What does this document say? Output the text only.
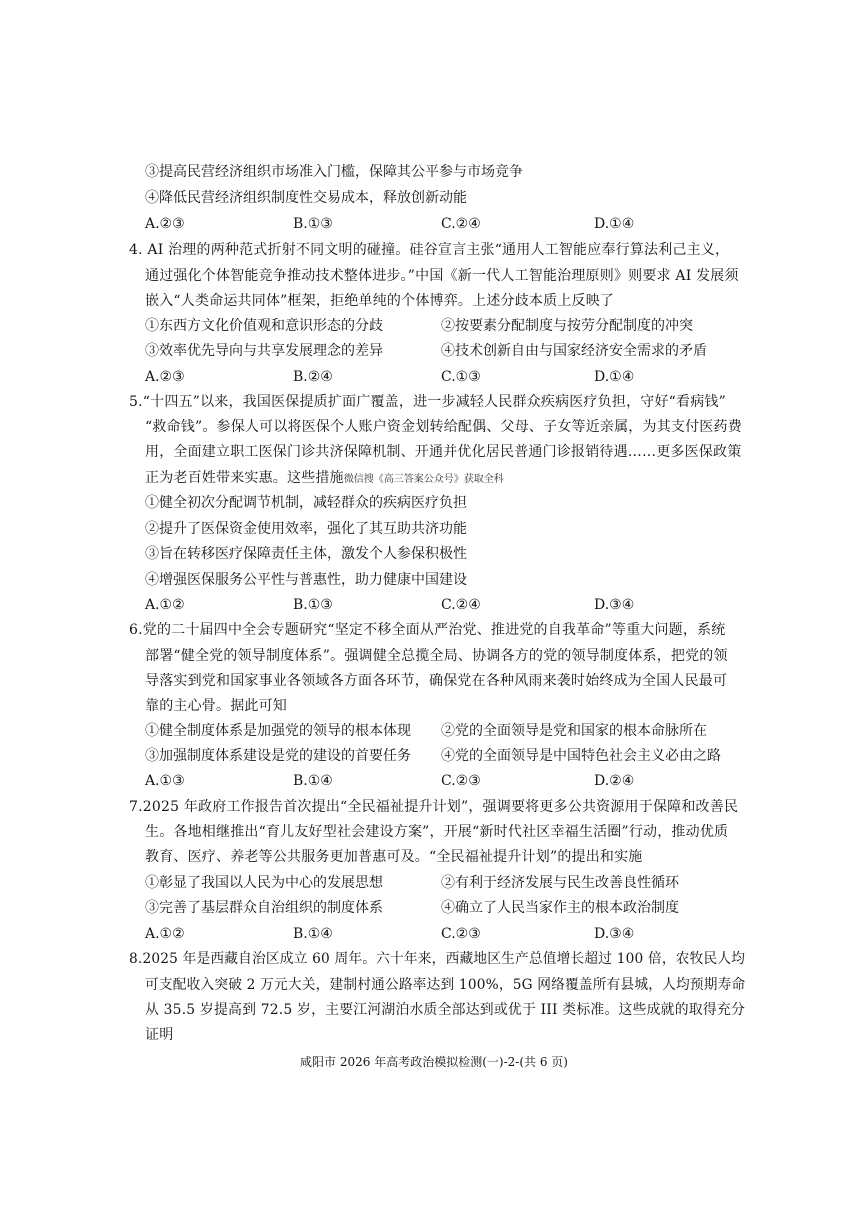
③提高民营经济组织市场准入门槛，保障其公平参与市场竞争
④降低民营经济组织制度性交易成本，释放创新动能
A.②③	B.①③	C.②④	D.①④
4. AI 治理的两种范式折射不同文明的碰撞。硅谷宣言主张“通用人工智能应奉行算法利己主义，
通过强化个体智能竞争推动技术整体进步。”中国《新一代人工智能治理原则》则要求 AI 发展须
嵌入“人类命运共同体”框架，拒绝单纯的个体博弈。上述分歧本质上反映了
①东西方文化价值观和意识形态的分歧	②按要素分配制度与按劳分配制度的冲突
③效率优先导向与共享发展理念的差异	④技术创新自由与国家经济安全需求的矛盾
A.②③	B.②④	C.①③	D.①④
5.“十四五”以来，我国医保提质扩面广覆盖，进一步减轻人民群众疾病医疗负担，守好“看病钱”
“救命钱”。参保人可以将医保个人账户资金划转给配偶、父母、子女等近亲属，为其支付医药费
用，全面建立职工医保门诊共济保障机制、开通并优化居民普通门诊报销待遇……更多医保政策
正为老百姓带来实惠。这些措施微信搜《高三答案公众号》获取全科
①健全初次分配调节机制，减轻群众的疾病医疗负担
②提升了医保资金使用效率，强化了其互助共济功能
③旨在转移医疗保障责任主体，激发个人参保积极性
④增强医保服务公平性与普惠性，助力健康中国建设
A.①②	B.①③	C.②④	D.③④
6.党的二十届四中全会专题研究“坚定不移全面从严治党、推进党的自我革命”等重大问题，系统
部署“健全党的领导制度体系”。强调健全总揽全局、协调各方的党的领导制度体系，把党的领
导落实到党和国家事业各领域各方面各环节，确保党在各种风雨来袭时始终成为全国人民最可
靠的主心骨。据此可知
①健全制度体系是加强党的领导的根本体现 ②党的全面领导是党和国家的根本命脉所在
③加强制度体系建设是党的建设的首要任务 ④党的全面领导是中国特色社会主义必由之路
A.①③	B.①④	C.②③	D.②④
7.2025 年政府工作报告首次提出“全民福祉提升计划”，强调要将更多公共资源用于保障和改善民
生。各地相继推出“育儿友好型社会建设方案”，开展“新时代社区幸福生活圈”行动，推动优质
教育、医疗、养老等公共服务更加普惠可及。“全民福祉提升计划”的提出和实施
①彰显了我国以人民为中心的发展思想	②有利于经济发展与民生改善良性循环
③完善了基层群众自治组织的制度体系	④确立了人民当家作主的根本政治制度
A.①②	B.①④	C.②③	D.③④
8.2025 年是西藏自治区成立 60 周年。六十年来，西藏地区生产总值增长超过 100 倍，农牧民人均
可支配收入突破 2 万元大关，建制村通公路率达到 100%，5G 网络覆盖所有县城，人均预期寿命
从 35.5 岁提高到 72.5 岁，主要江河湖泊水质全部达到或优于 III 类标准。这些成就的取得充分
证明
咸阳市 2026 年高考政治模拟检测(一)-2-(共 6 页)
